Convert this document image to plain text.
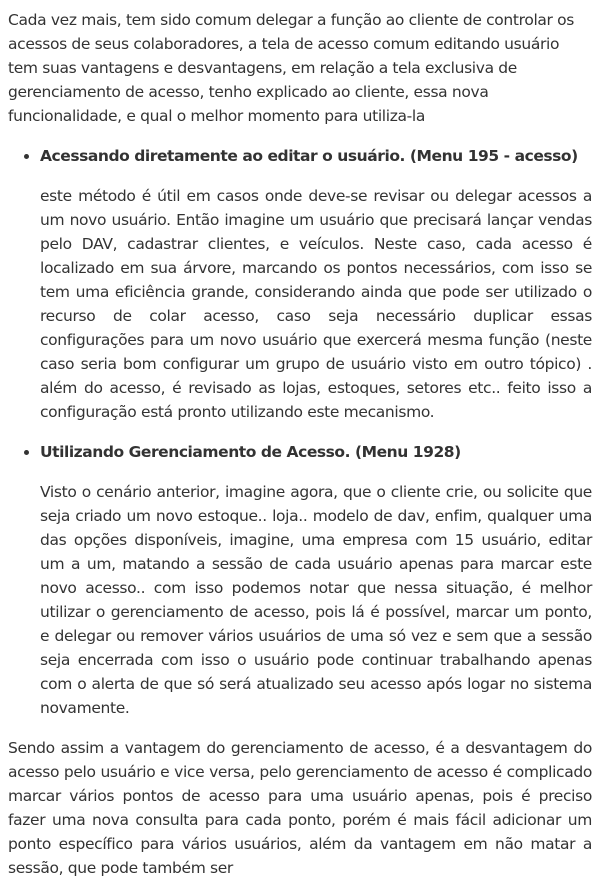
Cada vez mais, tem sido comum delegar a função ao cliente de controlar os acessos de seus colaboradores, a tela de acesso comum editando usuário tem suas vantagens e desvantagens, em relação a tela exclusiva de gerenciamento de acesso, tenho explicado ao cliente, essa nova funcionalidade, e qual o melhor momento para utiliza-la

• Acessando diretamente ao editar o usuário. (Menu 195 - acesso)

este método é útil em casos onde deve-se revisar ou delegar acessos a um novo usuário. Então imagine um usuário que precisará lançar vendas pelo DAV, cadastrar clientes, e veículos. Neste caso, cada acesso é localizado em sua árvore, marcando os pontos necessários, com isso se tem uma eficiência grande, considerando ainda que pode ser utilizado o recurso de colar acesso, caso seja necessário duplicar essas configurações para um novo usuário que exercerá mesma função (neste caso seria bom configurar um grupo de usuário visto em outro tópico) . além do acesso, é revisado as lojas, estoques, setores etc.. feito isso a configuração está pronto utilizando este mecanismo.

• Utilizando Gerenciamento de Acesso. (Menu 1928)

Visto o cenário anterior, imagine agora, que o cliente crie, ou solicite que seja criado um novo estoque.. loja.. modelo de dav, enfim, qualquer uma das opções disponíveis, imagine, uma empresa com 15 usuário, editar um a um, matando a sessão de cada usuário apenas para marcar este novo acesso.. com isso podemos notar que nessa situação, é melhor utilizar o gerenciamento de acesso, pois lá é possível, marcar um ponto, e delegar ou remover vários usuários de uma só vez e sem que a sessão seja encerrada com isso o usuário pode continuar trabalhando apenas com o alerta de que só será atualizado seu acesso após logar no sistema novamente.

Sendo assim a vantagem do gerenciamento de acesso, é a desvantagem do acesso pelo usuário e vice versa, pelo gerenciamento de acesso é complicado marcar vários pontos de acesso para uma usuário apenas, pois é preciso fazer uma nova consulta para cada ponto, porém é mais fácil adicionar um ponto específico para vários usuários, além da vantagem em não matar a sessão, que pode também ser
